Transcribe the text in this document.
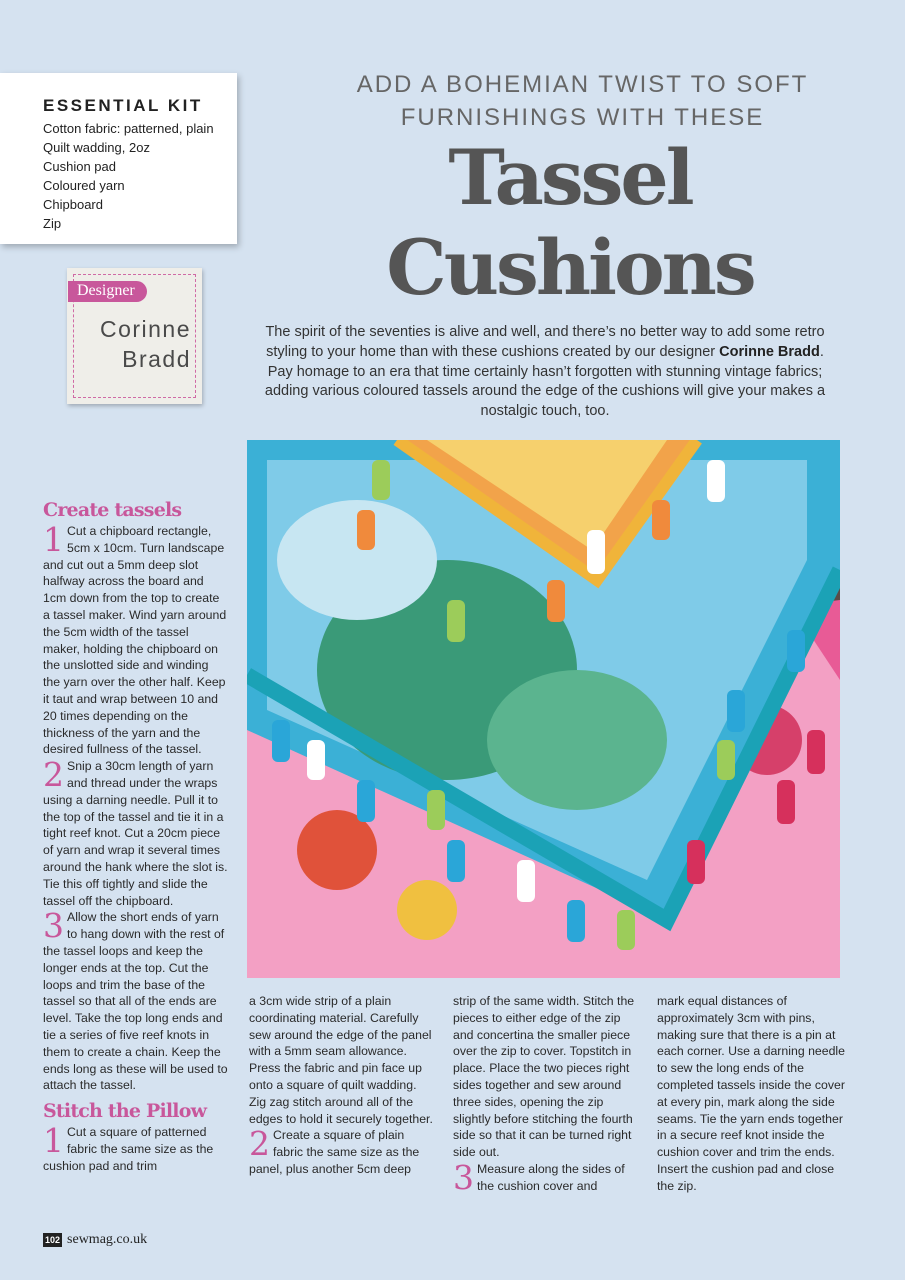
ESSENTIAL KIT
Cotton fabric: patterned, plain
Quilt wadding, 2oz
Cushion pad
Coloured yarn
Chipboard
Zip
Designer
Corinne
Bradd
ADD A BOHEMIAN TWIST TO SOFT
FURNISHINGS WITH THESE
Tassel
Cushions

The spirit of the seventies is alive and well, and there’s no better way to add some retro styling to your home than with these cushions created by our designer Corinne Bradd. Pay homage to an era that time certainly hasn’t forgotten with stunning vintage fabrics; adding various coloured tassels around the edge of the cushions will give your makes a nostalgic touch, too.

Create tassels

1 Cut a chipboard rectangle, 5cm x 10cm. Turn landscape and cut out a 5mm deep slot halfway across the board and 1cm down from the top to create a tassel maker. Wind yarn around the 5cm width of the tassel maker, holding the chipboard on the unslotted side and winding the yarn over the other half. Keep it taut and wrap between 10 and 20 times depending on the thickness of the yarn and the desired fullness of the tassel.

2 Snip a 30cm length of yarn and thread under the wraps using a darning needle. Pull it to the top of the tassel and tie it in a tight reef knot. Cut a 20cm piece of yarn and wrap it several times around the hank where the slot is. Tie this off tightly and slide the tassel off the chipboard.

3 Allow the short ends of yarn to hang down with the rest of the tassel loops and keep the longer ends at the top. Cut the loops and trim the base of the tassel so that all of the ends are level. Take the top long ends and tie a series of five reef knots in them to create a chain. Keep the ends long as these will be used to attach the tassel.

Stitch the Pillow

1 Cut a square of patterned fabric the same size as the cushion pad and trim

a 3cm wide strip of a plain coordinating material. Carefully sew around the edge of the panel with a 5mm seam allowance. Press the fabric and pin face up onto a square of quilt wadding. Zig zag stitch around all of the edges to hold it securely together.

2 Create a square of plain fabric the same size as the panel, plus another 5cm deep

strip of the same width. Stitch the pieces to either edge of the zip and concertina the smaller piece over the zip to cover. Topstitch in place. Place the two pieces right sides together and sew around three sides, opening the zip slightly before stitching the fourth side so that it can be turned right side out.

3 Measure along the sides of the cushion cover and

mark equal distances of approximately 3cm with pins, making sure that there is a pin at each corner. Use a darning needle to sew the long ends of the completed tassels inside the cover at every pin, mark along the side seams. Tie the yarn ends together in a secure reef knot inside the cushion cover and trim the ends. Insert the cushion pad and close the zip.

102 sewmag.co.uk
